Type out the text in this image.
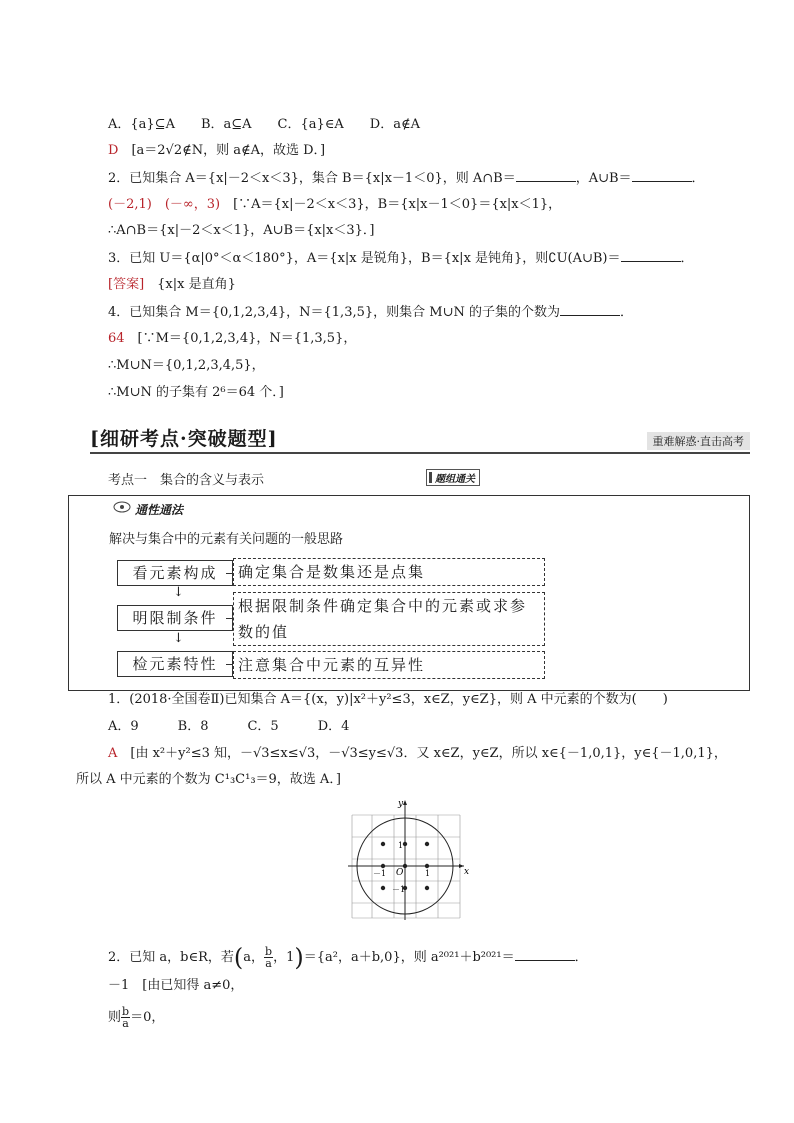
A．{a}⊆A　　B．a⊆A　　C．{a}∈A　　D．a∉A
D　[a＝2√2∉N，则 a∉A，故选 D．]
2．已知集合 A＝{x|－2＜x＜3}，集合 B＝{x|x－1＜0}，则 A∩B＝	，A∪B＝	．
(－2,1)　(－∞，3)　[∵A＝{x|－2＜x＜3}，B＝{x|x－1＜0}＝{x|x＜1}，
∴A∩B＝{x|－2＜x＜1}，A∪B＝{x|x＜3}．]
3．已知 U＝{α|0°＜α＜180°}，A＝{x|x 是锐角}，B＝{x|x 是钝角}，则∁U(A∪B)＝	．
[答案]　{x|x 是直角}
4．已知集合 M＝{0,1,2,3,4}，N＝{1,3,5}，则集合 M∪N 的子集的个数为	．
64　[∵M＝{0,1,2,3,4}，N＝{1,3,5}，
∴M∪N＝{0,1,2,3,4,5}，
∴M∪N 的子集有 2⁶＝64 个．]
[细研考点·突破题型]	重难解惑·直击高考
考点一　集合的含义与表示	题组通关
通性通法
解决与集合中的元素有关问题的一般思路
看元素构成	确定集合是数集还是点集
↓
明限制条件
根据限制条件确定集合中的元素或求参数的值
↓
检元素特性	注意集合中元素的互异性
1．(2018·全国卷Ⅱ)已知集合 A＝{(x，y)|x²＋y²≤3，x∈Z，y∈Z}，则 A 中元素的个数为(　　)
A．9　　　B．8　　　C．5　　　D．4
A　[由 x²＋y²≤3 知，－√3≤x≤√3，－√3≤y≤√3．又 x∈Z，y∈Z，所以 x∈{－1,0,1}，y∈{－1,0,1}，
所以 A 中元素的个数为 C¹₃C¹₃＝9，故选 A．]
y
x
O
1
－1
1
－1
2．已知 a，b∈R，若(a， $\frac{b}{a}$ ，1)＝{a²，a＋b,0}，则 a²⁰²¹＋b²⁰²¹＝	．
－1　[由已知得 a≠0，
则 $\frac{b}{a} =0$，
